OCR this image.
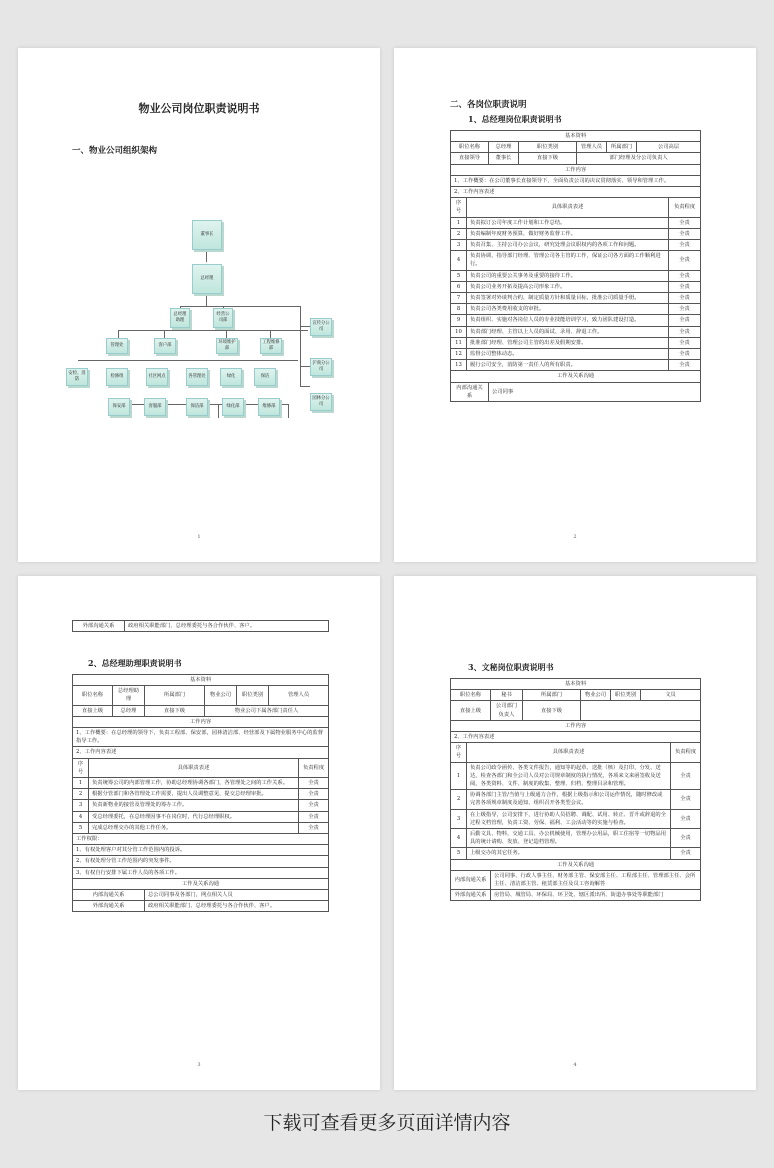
物业公司岗位职责说明书
一、物业公司组织架构
董事长
总经理
总经理助理
经营公司部
宣传分公司
沪商分公司
园林分公司
管理处	客户部
环境维护部
工程维修部
安检、消防
检修组	社区网点	各管理处	绿化	保洁
保安部	客服部	保洁部	绿化部	维修部
1
二、各岗位职责说明
1、总经理岗位职责说明书
基本资料							
职位名称		总经理	职位类别	管理人员	所属部门	公司高层	
直接领导		董事长	直接下级	部门经理及分公司负责人			
工作内容							
1、工作概要：在公司董事长直接领导下，全面负责公司的决议贯彻落实、领导和管理工作。							
2、工作内容表述							
序号	具体职责表述						负责程度
1	负责拟订公司年度工作计划和工作总结。						全责
2	负责编制年度财务预算，做好财务监督工作。						全责
3	负责召集、主持公司办公会议，研究处理会议职权内的各项工作和问题。						全责
4	负责协调、指导部门经理、管理公司各主管的工作，保证公司各方面的工作顺利进行。						全责
5	负责公司的重要公关事务及重要的接待工作。						全责
6	负责公司业务开拓及提高公司形象工作。						全责
7	负责签署对外谈判合约，制定质量方针和质量目标，批准公司质量手册。						全责
8	负责公司各类费用收支的审批。						全责
9	负责组织、实施对各岗位人员的专业技能培训学习，致力团队建设打造。						全责
10	负责部门经理、主管以上人员的面试、录用、辞退工作。						全责
11	批准部门经理、管理公司主管的出差及假期安排。						全责
12	监督公司整体动态。						全责
13	履行公司安全，消防第一责任人的所有职责。						全责
工作及关系沟通							
内部沟通关系		公司同事					
2
外部沟通关系	政府相关职能部门、总经理委托与各合作伙伴、客户。
2、总经理助理职责说明书
基本资料							
职位名称		总经理助理	所属部门	物业公司	职位类别	管理人员	
直接上级		总经理	直接下级	物业公司下属各部门责任人			
工作内容							
1、工作概要：在总经理的领导下，负责工程部、保安部，园林清洁部、经营部及下属物业服务中心的监督指导工作。							
2、工作内容表述							
序号	具体职责表述						负责程度
1	负责统筹公司的内部管理工作，协助总经理协调各部门，各管理处之间的工作关系。						全责
2	根据分管部门和各管理处工作需要，提出人员调整意见，提交总经理审批。						全责
3	负责新物业的接管及管理处的筹办工作。						全责
4	受总经理委托，在总经理因事不在岗位时，代行总经理职权。						全责
5	完成总经理交办的其他工作任务。						全责
工作权限：							
1、有权处理客户对其分管工作范围内的投诉。							
2、有权处理分管工作范围内的突发事件。							
3、有权自行安排下属工作人员的各项工作。							
工作及关系沟通							
内部沟通关系			总公司同事及各部门，网点相关人员				
外部沟通关系			政府相关职能部门、总经理委托与各合作伙伴、客户。				
3
3、文秘岗位职责说明书
基本资料							
职位名称		秘书	所属部门	物业公司	职位类别	文员	
直接上级		公司部门负责人	直接下级				
工作内容							
2、工作内容表述							
序号	具体职责表述						负责程度
1	负责公司政令函传、各类文件报告，通知等的起草、送批（核）及打印，分发、送达，检查各部门和全公司人员对公司规章制度的执行情况，各项来文来函签收及送阅，各类资料、文件、制度的收集、整理、归档、整理目录和管理。						全责
2	协调各部门主管/当值与上级通力合作，根据上级指示和公司运作情况，随时修改或完善各项规章制度及通知、组织召开各类型会议。						全责
3	在上级指导，公司安排下，进行协助人员招聘、调配、试用、转正、晋升或辞退的全过程文档管理，负责工资、劳保、福利、工会活动等的实施与检查。						全责
4	后勤文具、物料，交通工具、办公机械使用，管理办公用品，职工住宿等一切物品用具的统计请购、发放、登记造档管理。						全责
5	上级交办的其它任务。						全责
工作及关系沟通							
内部沟通关系		公司同事、行政人事主任、财务部主管、保安部主任、工程部主任、管理部主任、会所主任、清洁部主管、租赁部主任及员工咨询解答					
外部沟通关系		房管局、城管局、环保局、环卫处、辖区派出所、街道办事处等职能部门					
4
下载可查看更多页面详情内容
